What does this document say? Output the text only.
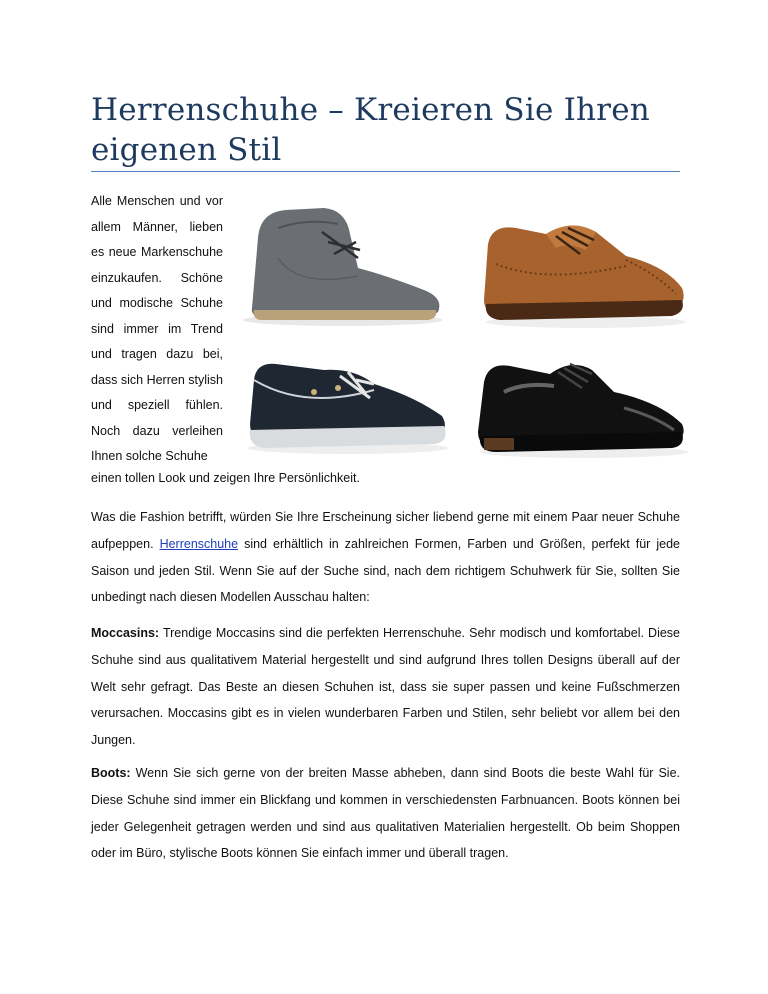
Herrenschuhe – Kreieren Sie Ihren eigenen Stil

Alle Menschen und vor allem Männer, lieben es neue Markenschuhe einzukaufen. Schöne und modische Schuhe sind immer im Trend und tragen dazu bei, dass sich Herren stylish und speziell fühlen. Noch dazu verleihen Ihnen solche Schuhe

einen tollen Look und zeigen Ihre Persönlichkeit.

Was die Fashion betrifft, würden Sie Ihre Erscheinung sicher liebend gerne mit einem Paar neuer Schuhe aufpeppen. Herrenschuhe sind erhältlich in zahlreichen Formen, Farben und Größen, perfekt für jede Saison und jeden Stil. Wenn Sie auf der Suche sind, nach dem richtigem Schuhwerk für Sie, sollten Sie unbedingt nach diesen Modellen Ausschau halten:

Moccasins: Trendige Moccasins sind die perfekten Herrenschuhe. Sehr modisch und komfortabel. Diese Schuhe sind aus qualitativem Material hergestellt und sind aufgrund Ihres tollen Designs überall auf der Welt sehr gefragt. Das Beste an diesen Schuhen ist, dass sie super passen und keine Fußschmerzen verursachen. Moccasins gibt es in vielen wunderbaren Farben und Stilen, sehr beliebt vor allem bei den Jungen.

Boots: Wenn Sie sich gerne von der breiten Masse abheben, dann sind Boots die beste Wahl für Sie. Diese Schuhe sind immer ein Blickfang und kommen in verschiedensten Farbnuancen. Boots können bei jeder Gelegenheit getragen werden und sind aus qualitativen Materialien hergestellt. Ob beim Shoppen oder im Büro, stylische Boots können Sie einfach immer und überall tragen.
